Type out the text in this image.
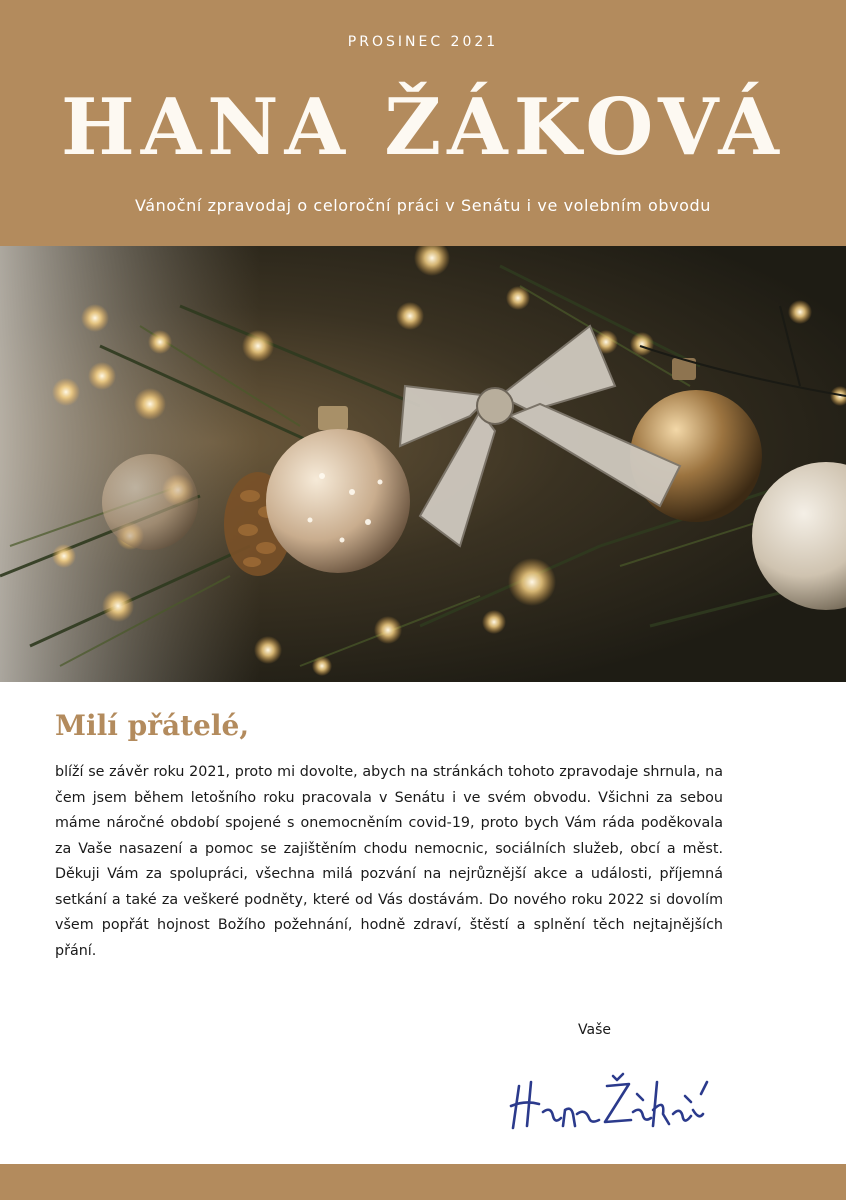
PROSINEC 2021
HANA ŽÁKOVÁ
Vánoční zpravodaj o celoroční práci v Senátu i ve volebním obvodu
Milí přátelé,

blíží se závěr roku 2021, proto mi dovolte, abych na stránkách tohoto zpravodaje shrnula, na čem jsem během letošního roku pracovala v Senátu i ve svém obvodu. Všichni za sebou máme náročné období spojené s onemocněním covid-19, proto bych Vám ráda poděkovala za Vaše nasazení a pomoc se zajištěním chodu nemocnic, sociálních služeb, obcí a měst. Děkuji Vám za spolupráci, všechna milá pozvání na nejrůznější akce a události, příjemná setkání a také za veškeré podněty, které od Vás dostávám. Do nového roku 2022 si dovolím všem popřát hojnost Božího požehnání, hodně zdraví, štěstí a splnění těch nejtajnějších přání.

Vaše
